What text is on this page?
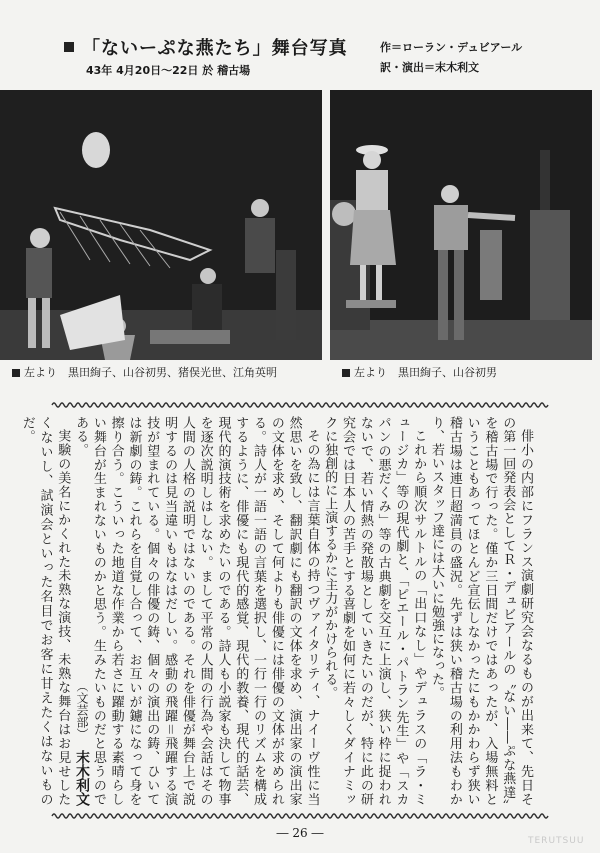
「ないーぷな燕たち」舞台写真
43年 4月20日～22日 於 稽古場
作＝ローラン・デュビアール
訳・演出＝末木利文
左より　黒田絢子、山谷初男、猪俣光世、江角英明	左より　黒田絢子、山谷初男

俳小の内部にフランス演劇研究会なるものが出来て、先日その第一回発表会としてＲ・デュビアールの〝ない――ぷな燕達〟を稽古場で行った。僅か三日間だけではあったが、入場無料ということもあってほとんど宣伝しなかったにもかかわらず狭い稽古場は連日超満員の盛況。先ずは狭い稽古場の利用法もわかり、若いスタッフ達には大いに勉強になった。

これから順次サルトルの「出口なし」やデュラスの「ラ・ミュージカ」等の現代劇と、「ピエール・パトラン先生」や「スカパンの悪だくみ」等の古典劇を交互に上演し、狭い枠に捉われないで、若い情熱の発散場としていきたいのだが、特に此の研究会では日本人の苦手とする喜劇を如何に若々しくダイナミックに独創的に上演するかに主力がかけられる。

その為には言葉自体の持つヴァイタリティ、ナイーヴ性に当然思いを致し、翻訳劇にも翻訳の文体を求め、演出家の演出家の文体を求め、そして何よりも俳優には俳優の文体が求められる。詩人が一語一語の言葉を選択し、一行一行のリズムを構成するように、俳優にも現代的感覚、現代的教養、現代的話芸、現代的演技術を求めたいのである。詩人も小説家も決して物事を逐次説明しはしない。まして平常の人間の行為や会話はその人間の人格の説明ではないのである。それを俳優が舞台上で説明するのは見当違いもはなはだしい。感動の飛躍＝飛躍する演技が望まれている。個々の俳優の鋳、個々の演出の鋳、ひいては新劇の鋳。これらを自覚し合って、お互いが鑢になって身を擦り合う。こういった地道な作業から若さに躍動する素晴らしい舞台が生まれないものかと思う。生みたいものだと思うのである。

実験の美名にかくれた未熟な演技、未熟な舞台はお見せしたくないし、試演会といった名目でお客に甘えたくはないものだ。

（文芸部） 末木利文
― 26 ―
TERUTSUU
